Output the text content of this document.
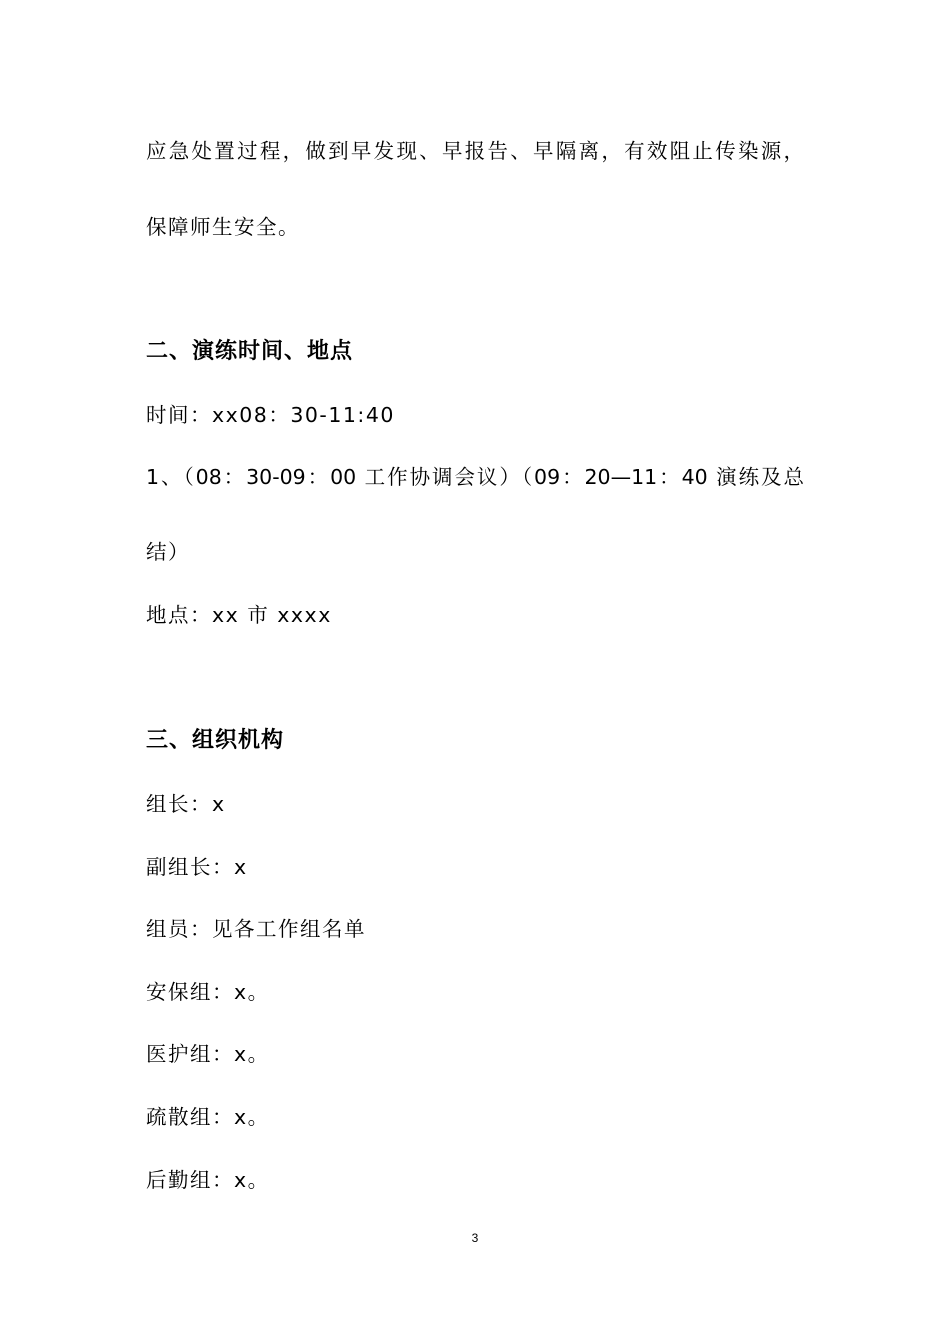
应急处置过程，做到早发现、早报告、早隔离，有效阻止传染源，
保障师生安全。
二、演练时间、地点
时间：xx08：30-11:40
1、（08：30-09：00 工作协调会议）（09：20—11：40 演练及总
结）
地点：xx 市 xxxx
三、组织机构
组长：x
副组长：x
组员：见各工作组名单
安保组：x。
医护组：x。
疏散组：x。
后勤组：x。
3
